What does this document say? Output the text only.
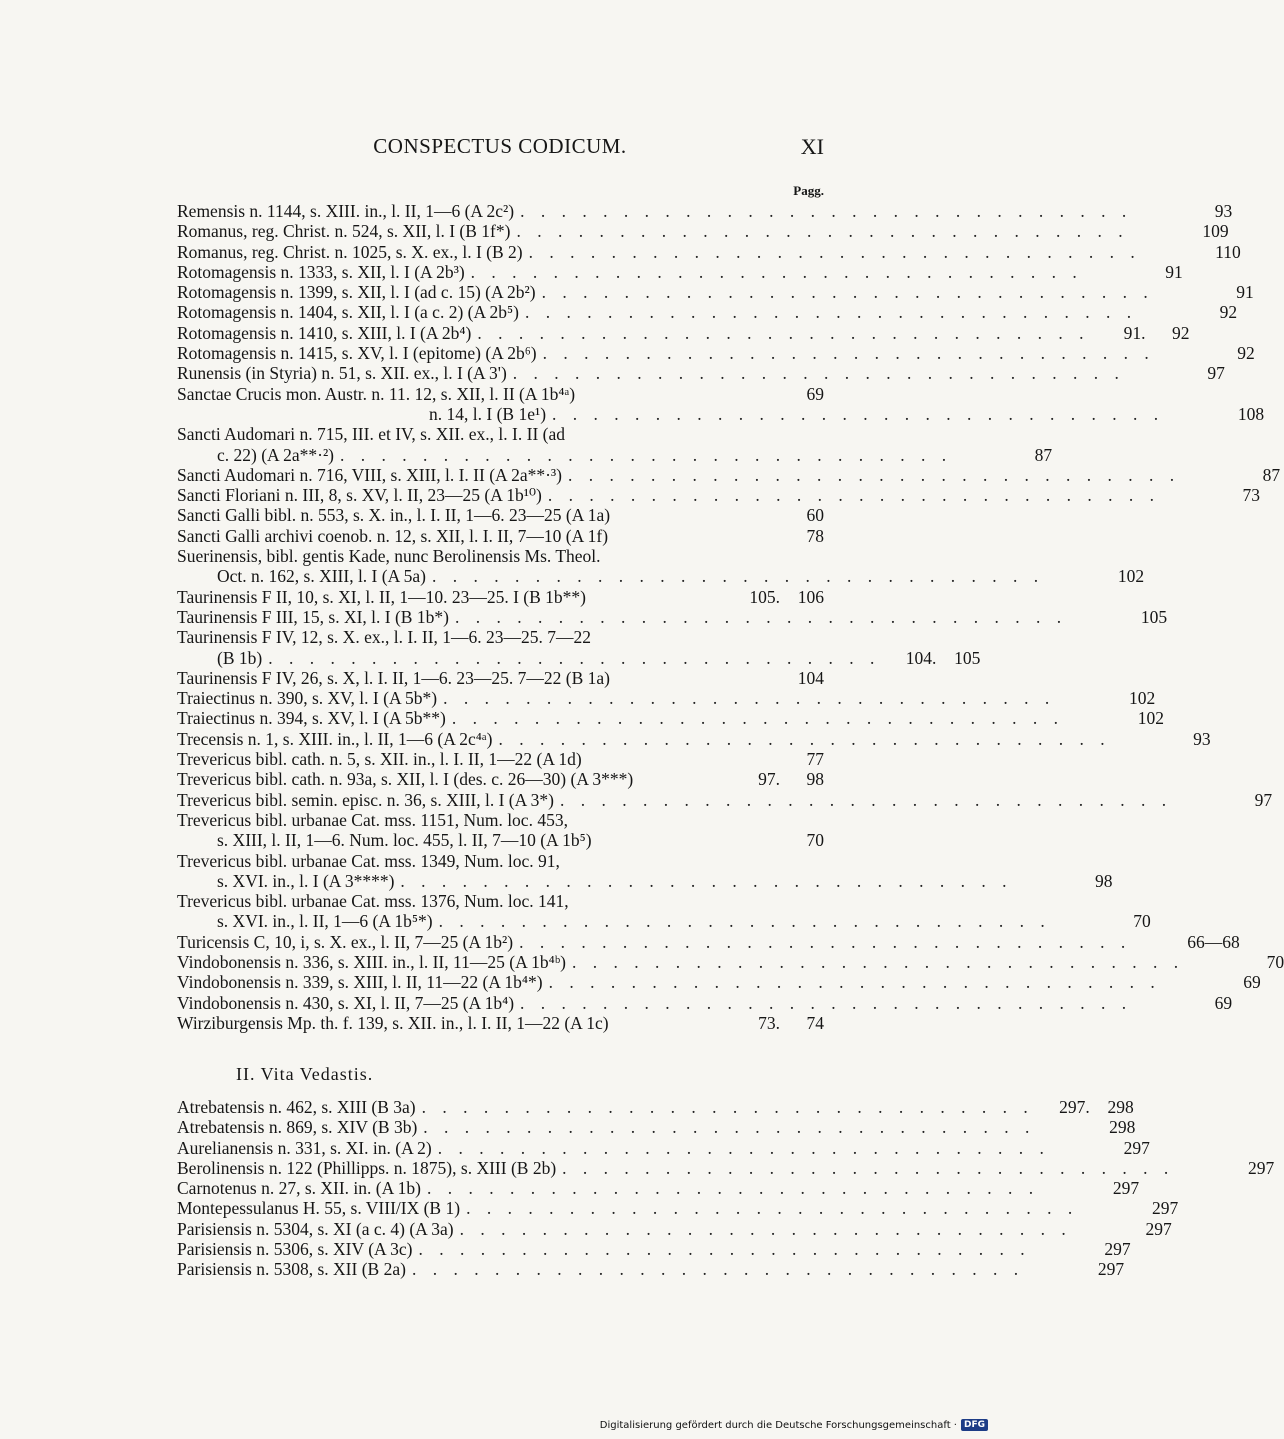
CONSPECTUS CODICUM.	XI
Pagg.
Remensis n. 1144, s. XIII. in., l. II, 1—6 (A 2c²) . . . . . . . . . . . . . . . . . . . . . . . . . . . . . .	93
Romanus, reg. Christ. n. 524, s. XII, l. I (B 1f*) . . . . . . . . . . . . . . . . . . . . . . . . . . . . . .	109
Romanus, reg. Christ. n. 1025, s. X. ex., l. I (B 2) . . . . . . . . . . . . . . . . . . . . . . . . . . . . . .	110
Rotomagensis n. 1333, s. XII, l. I (A 2b³) . . . . . . . . . . . . . . . . . . . . . . . . . . . . . .	91
Rotomagensis n. 1399, s. XII, l. I (ad c. 15) (A 2b²) . . . . . . . . . . . . . . . . . . . . . . . . . . . . . .	91
Rotomagensis n. 1404, s. XII, l. I (a c. 2) (A 2b⁵) . . . . . . . . . . . . . . . . . . . . . . . . . . . . . .	92
Rotomagensis n. 1410, s. XIII, l. I (A 2b⁴) . . . . . . . . . . . . . . . . . . . . . . . . . . . . . .	91.	92
Rotomagensis n. 1415, s. XV, l. I (epitome) (A 2b⁶) . . . . . . . . . . . . . . . . . . . . . . . . . . . . . .	92
Runensis (in Styria) n. 51, s. XII. ex., l. I (A 3') . . . . . . . . . . . . . . . . . . . . . . . . . . . . . .	97
Sanctae Crucis mon. Austr. n. 11. 12, s. XII, l. II (A 1b⁴ᵃ)	69
n. 14, l. I (B 1e¹) . . . . . . . . . . . . . . . . . . . . . . . . . . . . . .	108
Sancti Audomari n. 715, III. et IV, s. XII. ex., l. I. II (ad
c. 22) (A 2a**·²) . . . . . . . . . . . . . . . . . . . . . . . . . . . . . .	87
Sancti Audomari n. 716, VIII, s. XIII, l. I. II (A 2a**·³) . . . . . . . . . . . . . . . . . . . . . . . . . . . . . .	87
Sancti Floriani n. III, 8, s. XV, l. II, 23—25 (A 1b¹⁰) . . . . . . . . . . . . . . . . . . . . . . . . . . . . . .	73
Sancti Galli bibl. n. 553, s. X. in., l. I. II, 1—6. 23—25 (A 1a)	60
Sancti Galli archivi coenob. n. 12, s. XII, l. I. II, 7—10 (A 1f)	78
Suerinensis, bibl. gentis Kade, nunc Berolinensis Ms. Theol.
Oct. n. 162, s. XIII, l. I (A 5a) . . . . . . . . . . . . . . . . . . . . . . . . . . . . . .	102
Taurinensis F II, 10, s. XI, l. II, 1—10. 23—25. I (B 1b**)	105.	106
Taurinensis F III, 15, s. XI, l. I (B 1b*) . . . . . . . . . . . . . . . . . . . . . . . . . . . . . .	105
Taurinensis F IV, 12, s. X. ex., l. I. II, 1—6. 23—25. 7—22
(B 1b) . . . . . . . . . . . . . . . . . . . . . . . . . . . . . .	104.	105
Taurinensis F IV, 26, s. X, l. I. II, 1—6. 23—25. 7—22 (B 1a)	104
Traiectinus n. 390, s. XV, l. I (A 5b*) . . . . . . . . . . . . . . . . . . . . . . . . . . . . . .	102
Traiectinus n. 394, s. XV, l. I (A 5b**) . . . . . . . . . . . . . . . . . . . . . . . . . . . . . .	102
Trecensis n. 1, s. XIII. in., l. II, 1—6 (A 2c⁴ᵃ) . . . . . . . . . . . . . . . . . . . . . . . . . . . . . .	93
Trevericus bibl. cath. n. 5, s. XII. in., l. I. II, 1—22 (A 1d)	77
Trevericus bibl. cath. n. 93a, s. XII, l. I (des. c. 26—30) (A 3***)	97.	98
Trevericus bibl. semin. episc. n. 36, s. XIII, l. I (A 3*) . . . . . . . . . . . . . . . . . . . . . . . . . . . . . .	97
Trevericus bibl. urbanae Cat. mss. 1151, Num. loc. 453,
s. XIII, l. II, 1—6. Num. loc. 455, l. II, 7—10 (A 1b⁵)	70
Trevericus bibl. urbanae Cat. mss. 1349, Num. loc. 91,
s. XVI. in., l. I (A 3****) . . . . . . . . . . . . . . . . . . . . . . . . . . . . . .	98
Trevericus bibl. urbanae Cat. mss. 1376, Num. loc. 141,
s. XVI. in., l. II, 1—6 (A 1b⁵*) . . . . . . . . . . . . . . . . . . . . . . . . . . . . . .	70
Turicensis C, 10, i, s. X. ex., l. II, 7—25 (A 1b²) . . . . . . . . . . . . . . . . . . . . . . . . . . . . . .	66—68
Vindobonensis n. 336, s. XIII. in., l. II, 11—25 (A 1b⁴ᵇ) . . . . . . . . . . . . . . . . . . . . . . . . . . . . . .	70
Vindobonensis n. 339, s. XIII, l. II, 11—22 (A 1b⁴*) . . . . . . . . . . . . . . . . . . . . . . . . . . . . . .	69
Vindobonensis n. 430, s. XI, l. II, 7—25 (A 1b⁴) . . . . . . . . . . . . . . . . . . . . . . . . . . . . . .	69
Wirziburgensis Mp. th. f. 139, s. XII. in., l. I. II, 1—22 (A 1c)	73.	74
II. Vita Vedastis.
Atrebatensis n. 462, s. XIII (B 3a) . . . . . . . . . . . . . . . . . . . . . . . . . . . . . .	297.	298
Atrebatensis n. 869, s. XIV (B 3b) . . . . . . . . . . . . . . . . . . . . . . . . . . . . . .	298
Aurelianensis n. 331, s. XI. in. (A 2) . . . . . . . . . . . . . . . . . . . . . . . . . . . . . .	297
Berolinensis n. 122 (Phillipps. n. 1875), s. XIII (B 2b) . . . . . . . . . . . . . . . . . . . . . . . . . . . . . .	297
Carnotenus n. 27, s. XII. in. (A 1b) . . . . . . . . . . . . . . . . . . . . . . . . . . . . . .	297
Montepessulanus H. 55, s. VIII/IX (B 1) . . . . . . . . . . . . . . . . . . . . . . . . . . . . . .	297
Parisiensis n. 5304, s. XI (a c. 4) (A 3a) . . . . . . . . . . . . . . . . . . . . . . . . . . . . . .	297
Parisiensis n. 5306, s. XIV (A 3c) . . . . . . . . . . . . . . . . . . . . . . . . . . . . . .	297
Parisiensis n. 5308, s. XII (B 2a) . . . . . . . . . . . . . . . . . . . . . . . . . . . . . .	297
Digitalisierung gefördert durch die Deutsche Forschungsgemeinschaft · DFG
